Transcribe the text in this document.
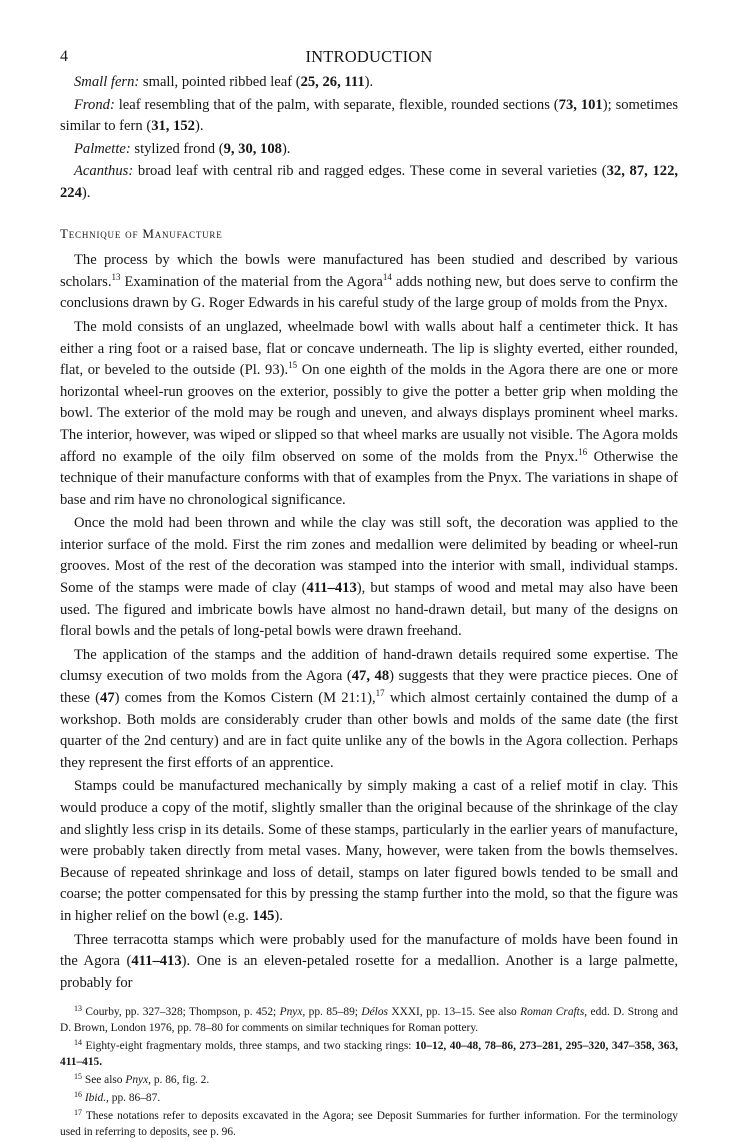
4	INTRODUCTION

Small fern: small, pointed ribbed leaf (25, 26, 111).

Frond: leaf resembling that of the palm, with separate, flexible, rounded sections (73, 101); sometimes similar to fern (31, 152).

Palmette: stylized frond (9, 30, 108).

Acanthus: broad leaf with central rib and ragged edges. These come in several varieties (32, 87, 122, 224).

Technique of Manufacture

The process by which the bowls were manufactured has been studied and described by various scholars.$^{13}$ Examination of the material from the Agora$^{14}$ adds nothing new, but does serve to confirm the conclusions drawn by G. Roger Edwards in his careful study of the large group of molds from the Pnyx.

The mold consists of an unglazed, wheelmade bowl with walls about half a centimeter thick. It has either a ring foot or a raised base, flat or concave underneath. The lip is slighty everted, either rounded, flat, or beveled to the outside (Pl. 93).$^{15}$ On one eighth of the molds in the Agora there are one or more horizontal wheel-run grooves on the exterior, possibly to give the potter a better grip when molding the bowl. The exterior of the mold may be rough and uneven, and always displays prominent wheel marks. The interior, however, was wiped or slipped so that wheel marks are usually not visible. The Agora molds afford no example of the oily film observed on some of the molds from the Pnyx.$^{16}$ Otherwise the technique of their manufacture conforms with that of examples from the Pnyx. The variations in shape of base and rim have no chronological significance.

Once the mold had been thrown and while the clay was still soft, the decoration was applied to the interior surface of the mold. First the rim zones and medallion were delimited by beading or wheel-run grooves. Most of the rest of the decoration was stamped into the interior with small, individual stamps. Some of the stamps were made of clay (411–413), but stamps of wood and metal may also have been used. The figured and imbricate bowls have almost no hand-drawn detail, but many of the designs on floral bowls and the petals of long-petal bowls were drawn freehand.

The application of the stamps and the addition of hand-drawn details required some expertise. The clumsy execution of two molds from the Agora (47, 48) suggests that they were practice pieces. One of these (47) comes from the Komos Cistern (M 21:1),$^{17}$ which almost certainly contained the dump of a workshop. Both molds are considerably cruder than other bowls and molds of the same date (the first quarter of the 2nd century) and are in fact quite unlike any of the bowls in the Agora collection. Perhaps they represent the first efforts of an apprentice.

Stamps could be manufactured mechanically by simply making a cast of a relief motif in clay. This would produce a copy of the motif, slightly smaller than the original because of the shrinkage of the clay and slightly less crisp in its details. Some of these stamps, particularly in the earlier years of manufacture, were probably taken directly from metal vases. Many, however, were taken from the bowls themselves. Because of repeated shrinkage and loss of detail, stamps on later figured bowls tended to be small and coarse; the potter compensated for this by pressing the stamp further into the mold, so that the figure was in higher relief on the bowl (e.g. 145).

Three terracotta stamps which were probably used for the manufacture of molds have been found in the Agora (411–413). One is an eleven-petaled rosette for a medallion. Another is a large palmette, probably for

$^{13}$ Courby, pp. 327–328; Thompson, p. 452; Pnyx, pp. 85–89; Délos XXXI, pp. 13–15. See also Roman Crafts, edd. D. Strong and D. Brown, London 1976, pp. 78–80 for comments on similar techniques for Roman pottery.

$^{14}$ Eighty-eight fragmentary molds, three stamps, and two stacking rings: 10–12, 40–48, 78–86, 273–281, 295–320, 347–358, 363, 411–415.

$^{15}$ See also Pnyx, p. 86, fig. 2.

$^{16}$ Ibid., pp. 86–87.

$^{17}$ These notations refer to deposits excavated in the Agora; see Deposit Summaries for further information. For the terminology used in referring to deposits, see p. 96.
